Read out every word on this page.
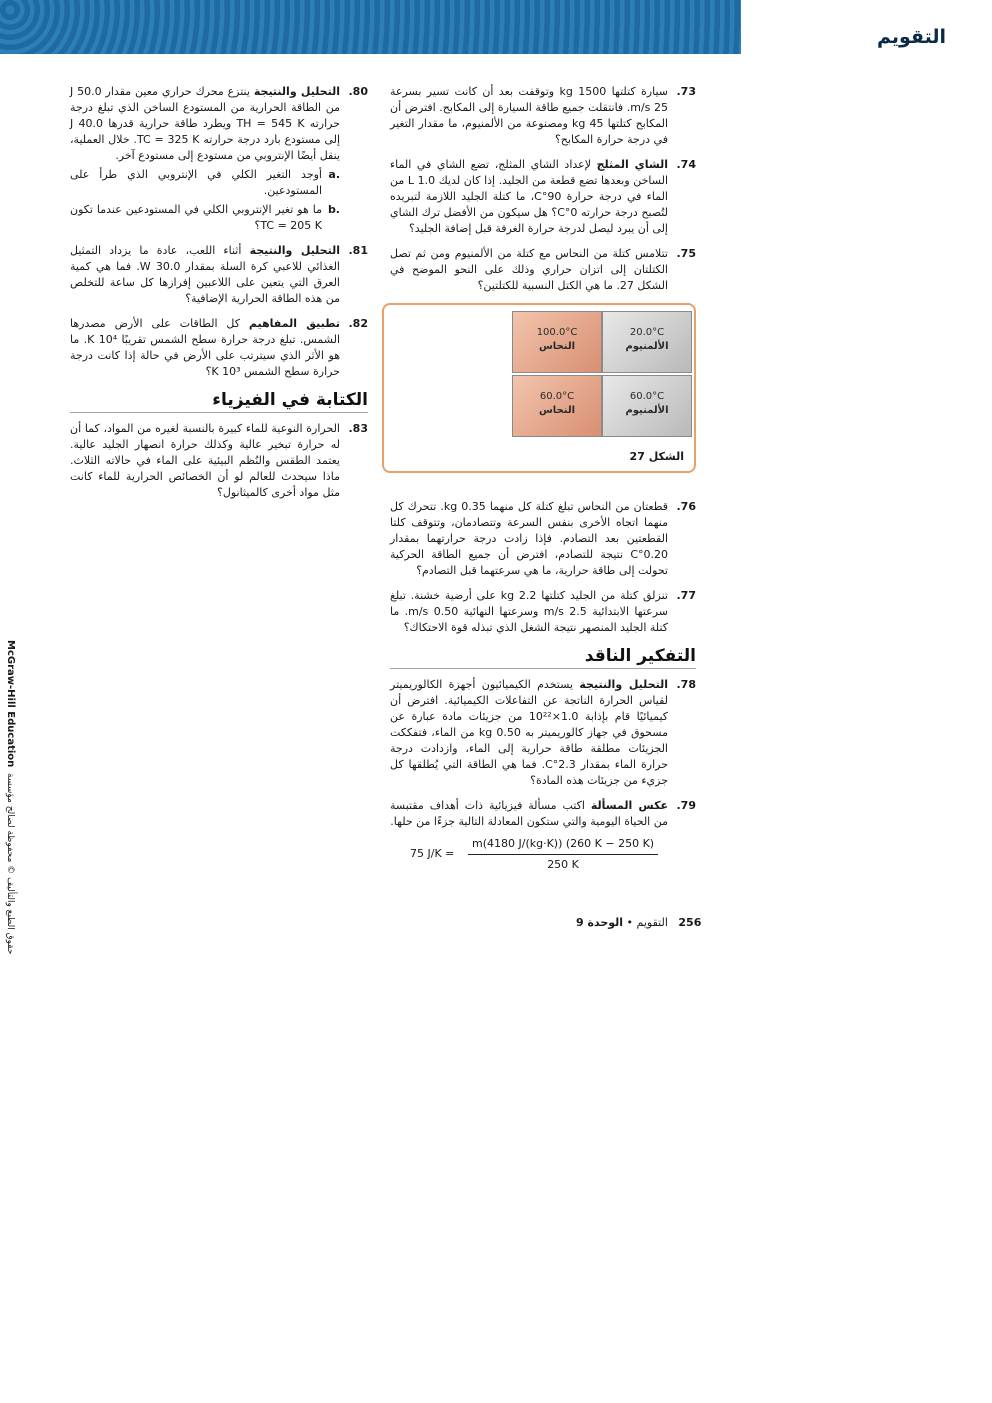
التقويم
.73
سيارة كتلتها 1500 kg وتوقفت بعد أن كانت تسير بسرعة 25 m/s. فانتقلت جميع طاقة السيارة إلى المكابح. افترض أن المكابح كتلتها 45 kg ومصنوعة من الألمنيوم، ما مقدار التغير في درجة حرارة المكابح؟
.74
الشاي المثلج لإعداد الشاي المثلج، تضع الشاي في الماء الساخن وبعدها تضع قطعة من الجليد. إذا كان لديك 1.0 L من الماء في درجة حرارة 90°C، ما كتلة الجليد اللازمة لتبريده لتُصبح درجة حرارته 0°C؟ هل سيكون من الأفضل ترك الشاي إلى أن يبرد ليصل لدرجة حرارة الغرفة قبل إضافة الجليد؟
.75
تتلامس كتلة من النحاس مع كتلة من الألمنيوم ومن ثم تصل الكتلتان إلى اتزان حراري وذلك على النحو الموضح في الشكل 27. ما هي الكتل النسبية للكتلتين؟
100.0°C
النحاس
20.0°C
الألمنيوم
60.0°C
النحاس
60.0°C
الألمنيوم
الشكل 27
.76
قطعتان من النحاس تبلغ كتلة كل منهما 0.35 kg. تتحرك كل منهما اتجاه الأخرى بنفس السرعة وتتصادمان، وتتوقف كلتا القطعتين بعد التصادم. فإذا زادت درجة حرارتهما بمقدار 0.20°C نتيجة للتصادم، افترض أن جميع الطاقة الحركية تحولت إلى طاقة حرارية، ما هي سرعتهما قبل التصادم؟
.77
تنزلق كتلة من الجليد كتلتها 2.2 kg على أرضية خشنة. تبلغ سرعتها الابتدائية 2.5 m/s وسرعتها النهائية 0.50 m/s. ما كتلة الجليد المنصهر نتيجة الشغل الذي تبذله قوة الاحتكاك؟
التفكير الناقد
.78
التحليل والنتيجة يستخدم الكيميائيون أجهزة الكالوريميتر لقياس الحرارة الناتجة عن التفاعلات الكيميائية. افترض أن كيميائيًا قام بإذابة 1.0×10²² من جزيئات مادة عبارة عن مسحوق في جهاز كالوريميتر به 0.50 kg من الماء، فتفككت الجزيئات مطلقة طاقة حرارية إلى الماء، وازدادت درجة حرارة الماء بمقدار 2.3°C. فما هي الطاقة التي يُطلقها كل جزيء من جزيئات هذه المادة؟
.79
عكس المسألة اكتب مسألة فيزيائية ذات أهداف مقتبسة من الحياة اليومية والتي ستكون المعادلة التالية جزءًا من حلها.
75 $J/K = \frac{m(4180 J/(kg\cdot K)) (260 K - 250 K)}{250 K}$
.80
التحليل والنتيجة ينتزع محرك حراري معين مقدار 50.0 J من الطاقة الحرارية من المستودع الساخن الذي تبلغ درجة حرارته TH = 545 K ويطرد طاقة حرارية قدرها 40.0 J إلى مستودع بارد درجة حرارته TC = 325 K. خلال العملية، ينقل أيضًا الإنتروبي من مستودع إلى مستودع آخر.
a.
أوجد التغير الكلي في الإنتروبي الذي طرأ على المستودعين.
b.
ما هو تغير الإنتروبي الكلي في المستودعين عندما تكون TC = 205 K؟
.81
التحليل والنتيجة أثناء اللعب، عادة ما يزداد التمثيل الغذائي للاعبي كرة السلة بمقدار 30.0 W. فما هي كمية العرق التي يتعين على اللاعبين إفرازها كل ساعة للتخلص من هذه الطاقة الحرارية الإضافية؟
.82
تطبيق المفاهيم كل الطاقات على الأرض مصدرها الشمس. تبلغ درجة حرارة سطح الشمس تقريبًا 10⁴ K. ما هو الأثر الذي سيترتب على الأرض في حالة إذا كانت درجة حرارة سطح الشمس 10³ K؟
الكتابة في الفيزياء
.83
الحرارة النوعية للماء كبيرة بالنسبة لغيره من المواد، كما أن له حرارة تبخير عالية وكذلك حرارة انصهار الجليد عالية. يعتمد الطقس والنُظم البيئية على الماء في حالاته الثلاث. ماذا سيحدث للعالم لو أن الخصائص الحرارية للماء كانت مثل مواد أخرى كالميثانول؟
256   التقويم • الوحدة 9
McGraw-Hill Education  حقوق الطبع والتأليف © محفوظة لصالح مؤسسة
